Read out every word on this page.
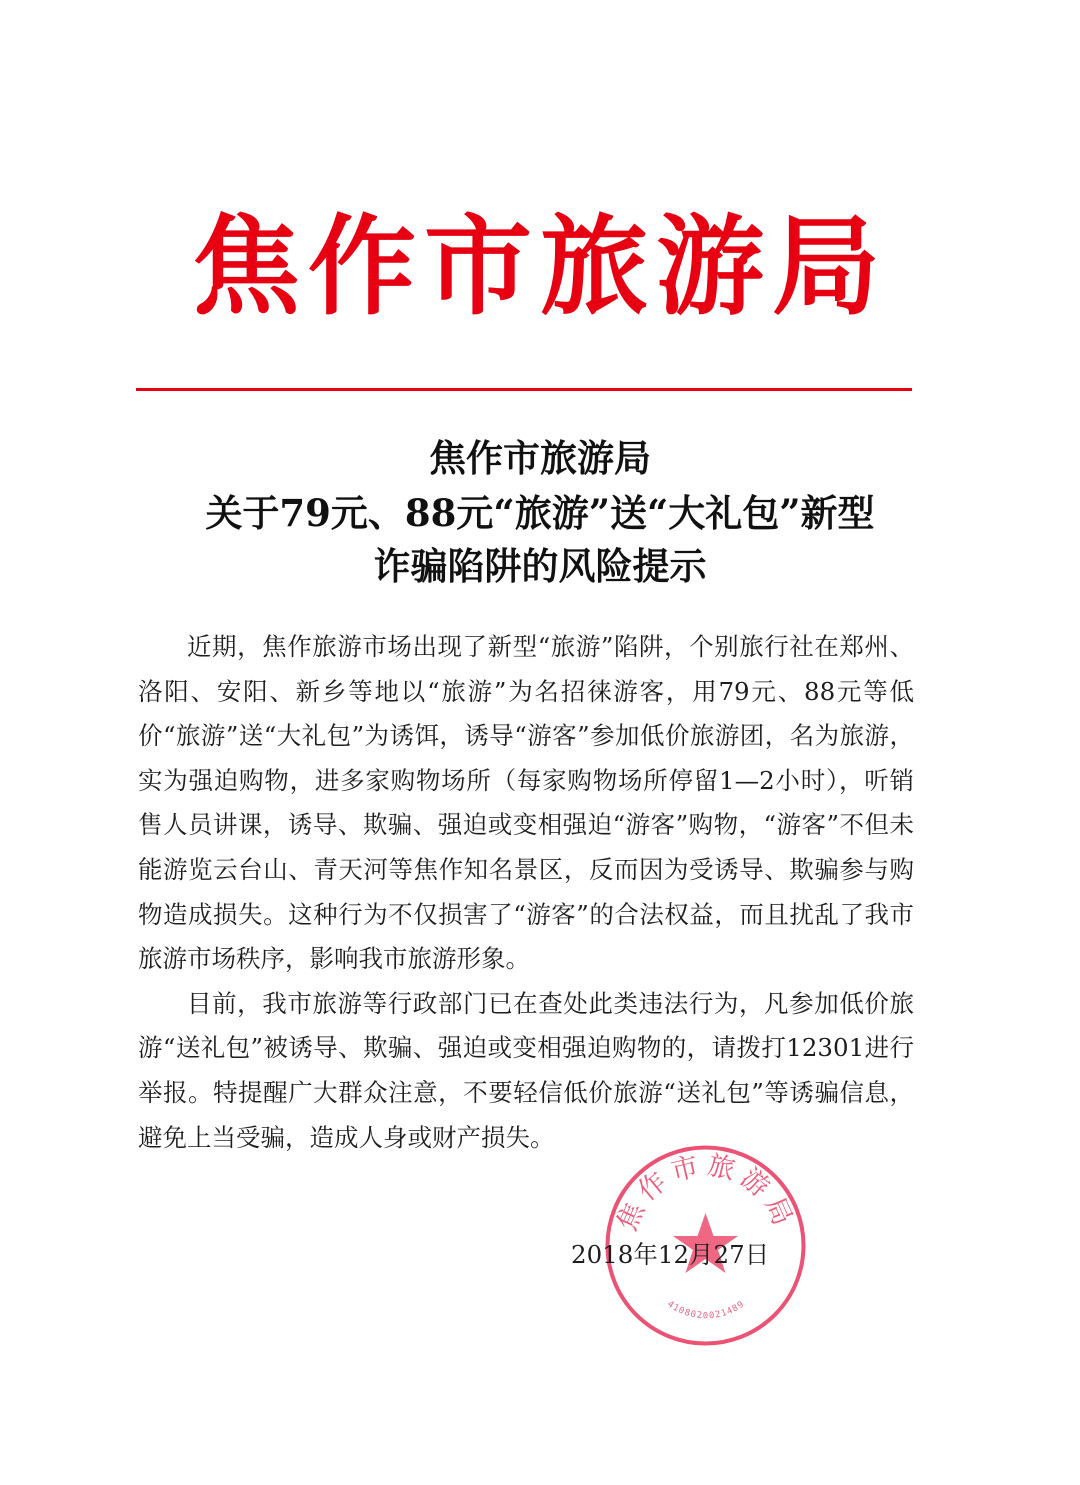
焦作市旅游局
焦作市旅游局
关于79元、88元“旅游”送“大礼包”新型
诈骗陷阱的风险提示

近期，焦作旅游市场出现了新型“旅游”陷阱，个别旅行社在郑州、洛阳、安阳、新乡等地以“旅游”为名招徕游客，用79元、88元等低价“旅游”送“大礼包”为诱饵，诱导“游客”参加低价旅游团，名为旅游，实为强迫购物，进多家购物场所（每家购物场所停留1—2小时），听销售人员讲课，诱导、欺骗、强迫或变相强迫“游客”购物，“游客”不但未能游览云台山、青天河等焦作知名景区，反而因为受诱导、欺骗参与购物造成损失。这种行为不仅损害了“游客”的合法权益，而且扰乱了我市旅游市场秩序，影响我市旅游形象。

目前，我市旅游等行政部门已在查处此类违法行为，凡参加低价旅游“送礼包”被诱导、欺骗、强迫或变相强迫购物的，请拨打12301进行举报。特提醒广大群众注意，不要轻信低价旅游“送礼包”等诱骗信息，避免上当受骗，造成人身或财产损失。

焦作市旅游局
4108020021489
2018年12月27日
